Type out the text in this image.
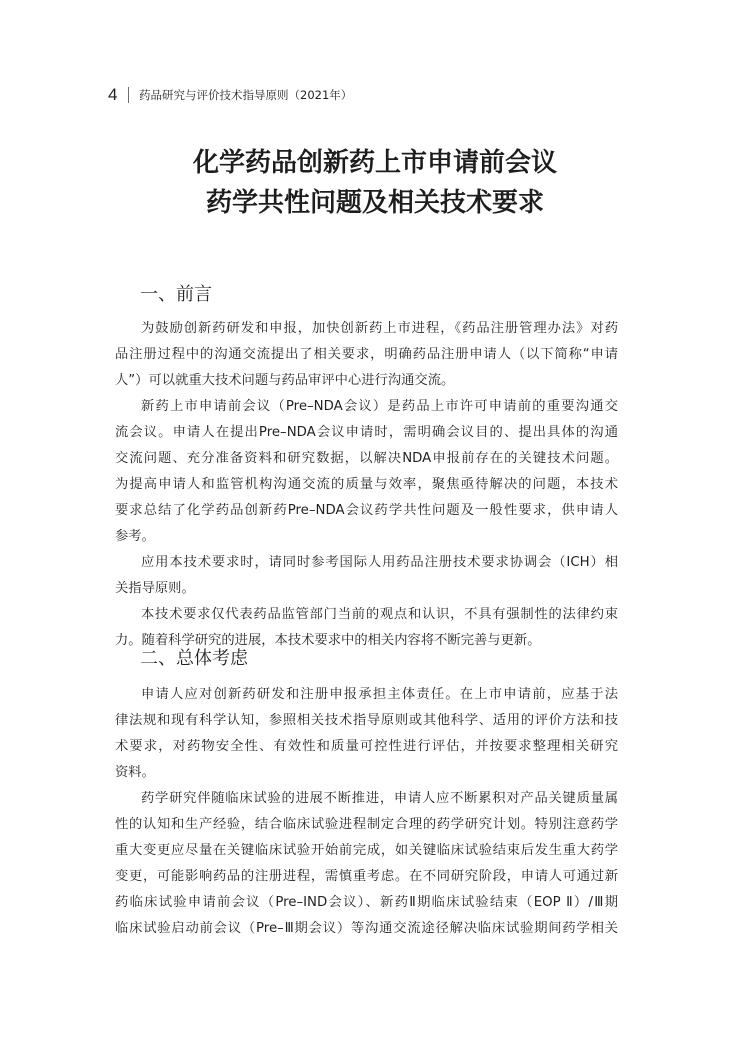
4	药品研究与评价技术指导原则（2021年）
化学药品创新药上市申请前会议
药学共性问题及相关技术要求
一、前言
为鼓励创新药研发和申报，加快创新药上市进程，《药品注册管理办法》对药
品注册过程中的沟通交流提出了相关要求，明确药品注册申请人（以下简称“申请
人”）可以就重大技术问题与药品审评中心进行沟通交流。
新药上市申请前会议（Pre–NDA会议）是药品上市许可申请前的重要沟通交
流会议。申请人在提出Pre–NDA会议申请时，需明确会议目的、提出具体的沟通
交流问题、充分准备资料和研究数据，以解决NDA申报前存在的关键技术问题。
为提高申请人和监管机构沟通交流的质量与效率，聚焦亟待解决的问题，本技术
要求总结了化学药品创新药Pre–NDA会议药学共性问题及一般性要求，供申请人
参考。
应用本技术要求时，请同时参考国际人用药品注册技术要求协调会（ICH）相
关指导原则。
本技术要求仅代表药品监管部门当前的观点和认识，不具有强制性的法律约束
力。随着科学研究的进展，本技术要求中的相关内容将不断完善与更新。
二、总体考虑
申请人应对创新药研发和注册申报承担主体责任。在上市申请前，应基于法
律法规和现有科学认知，参照相关技术指导原则或其他科学、适用的评价方法和技
术要求，对药物安全性、有效性和质量可控性进行评估，并按要求整理相关研究
资料。
药学研究伴随临床试验的进展不断推进，申请人应不断累积对产品关键质量属
性的认知和生产经验，结合临床试验进程制定合理的药学研究计划。特别注意药学
重大变更应尽量在关键临床试验开始前完成，如关键临床试验结束后发生重大药学
变更，可能影响药品的注册进程，需慎重考虑。在不同研究阶段，申请人可通过新
药临床试验申请前会议（Pre–IND会议）、新药Ⅱ期临床试验结束（EOP Ⅱ）/Ⅲ期
临床试验启动前会议（Pre–Ⅲ期会议）等沟通交流途径解决临床试验期间药学相关
